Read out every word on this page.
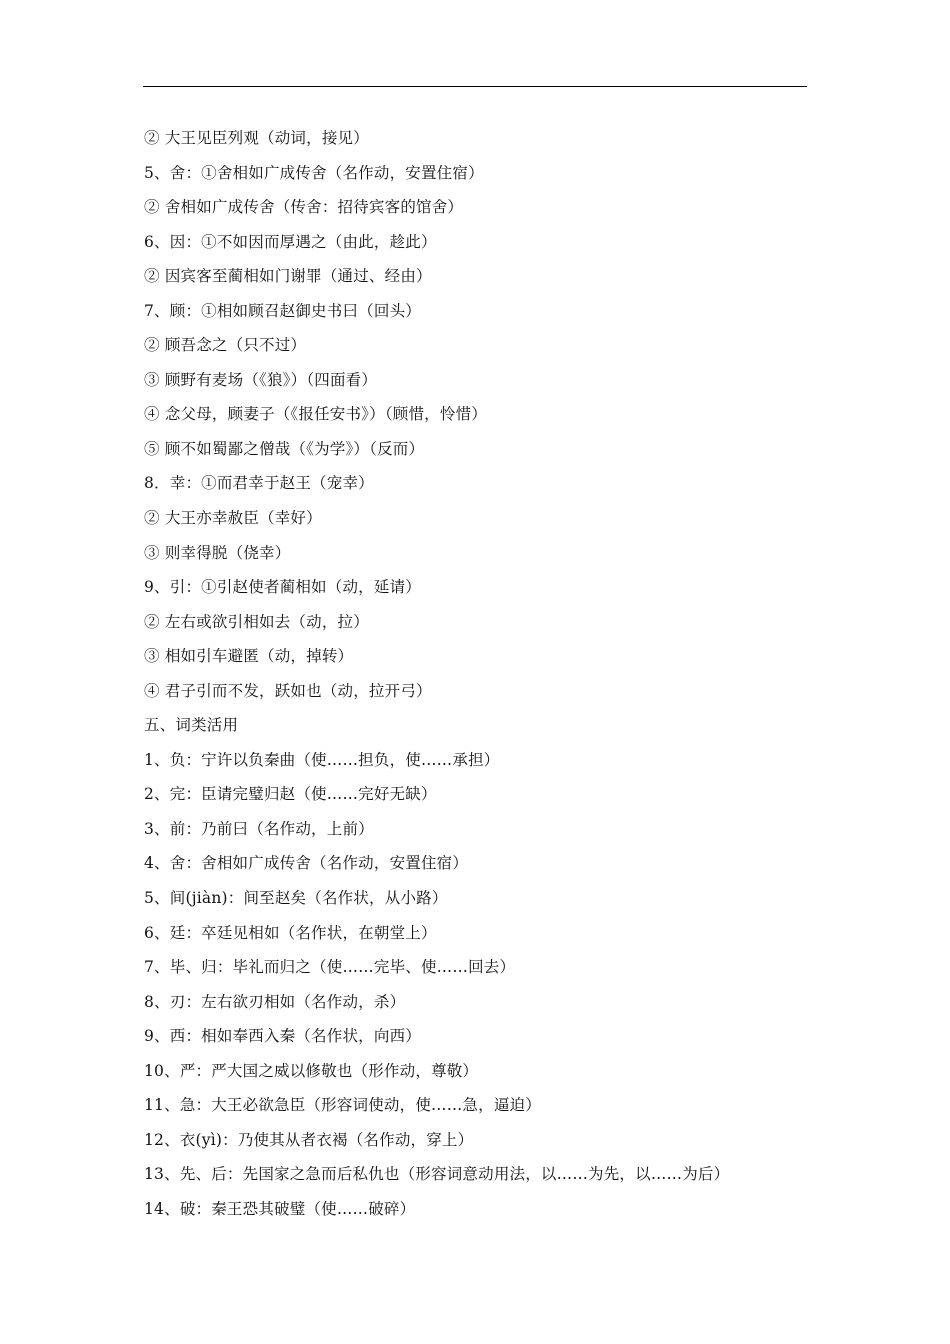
② 大王见臣列观（动词，接见）
5、舍：①舍相如广成传舍（名作动，安置住宿）
② 舍相如广成传舍（传舍：招待宾客的馆舍）
6、因：①不如因而厚遇之（由此，趁此）
② 因宾客至蔺相如门谢罪（通过、经由）
7、顾：①相如顾召赵御史书曰（回头）
② 顾吾念之（只不过）
③ 顾野有麦场（《狼》）（四面看）
④ 念父母，顾妻子（《报任安书》）（顾惜，怜惜）
⑤ 顾不如蜀鄙之僧哉（《为学》）（反而）
8．幸：①而君幸于赵王（宠幸）
② 大王亦幸赦臣（幸好）
③ 则幸得脱（侥幸）
9、引：①引赵使者蔺相如（动，延请）
② 左右或欲引相如去（动，拉）
③ 相如引车避匿（动，掉转）
④ 君子引而不发，跃如也（动，拉开弓）
五、词类活用
1、负：宁许以负秦曲（使……担负，使……承担）
2、完：臣请完璧归赵（使……完好无缺）
3、前：乃前曰（名作动，上前）
4、舍：舍相如广成传舍（名作动，安置住宿）
5、间(jiàn)：间至赵矣（名作状，从小路）
6、廷：卒廷见相如（名作状，在朝堂上）
7、毕、归：毕礼而归之（使……完毕、使……回去）
8、刃：左右欲刃相如（名作动，杀）
9、西：相如奉西入秦（名作状，向西）
10、严：严大国之威以修敬也（形作动，尊敬）
11、急：大王必欲急臣（形容词使动，使……急，逼迫）
12、衣(yì)：乃使其从者衣褐（名作动，穿上）
13、先、后：先国家之急而后私仇也（形容词意动用法，以……为先，以……为后）
14、破：秦王恐其破璧（使……破碎）
